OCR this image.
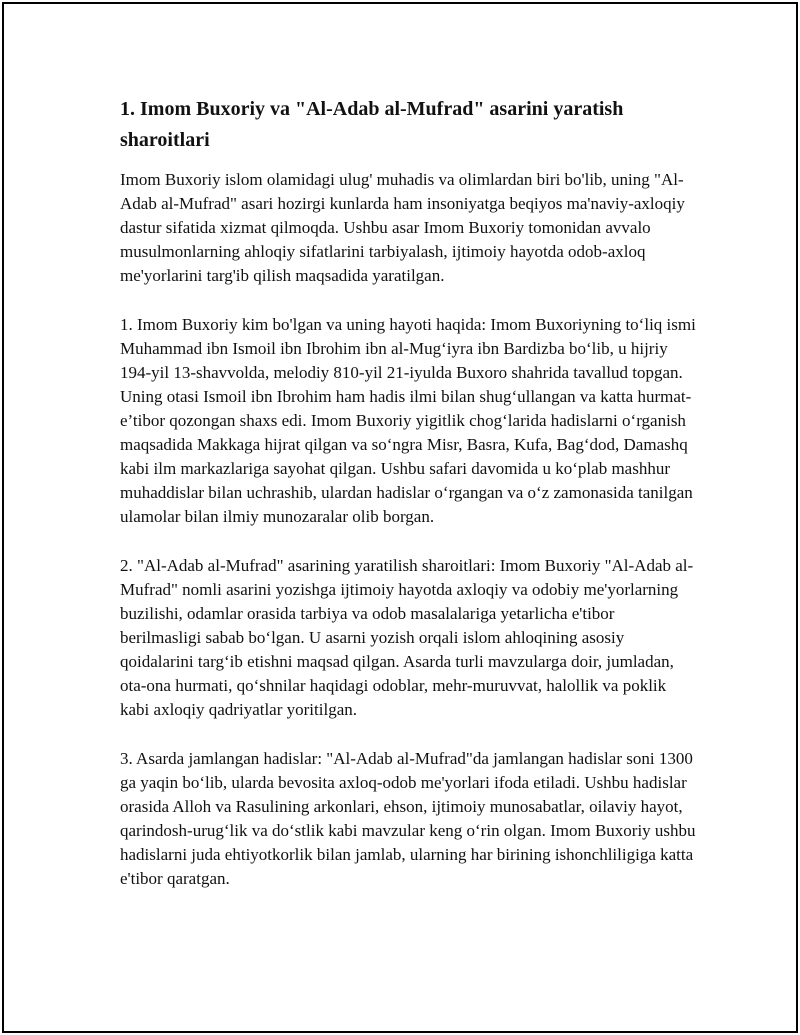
1. Imom Buxoriy va "Al-Adab al-Mufrad" asarini yaratish sharoitlari

Imom Buxoriy islom olamidagi ulug' muhadis va olimlardan biri bo'lib, uning "Al-Adab al-Mufrad" asari hozirgi kunlarda ham insoniyatga beqiyos ma'naviy-axloqiy dastur sifatida xizmat qilmoqda. Ushbu asar Imom Buxoriy tomonidan avvalo musulmonlarning ahloqiy sifatlarini tarbiyalash, ijtimoiy hayotda odob-axloq me'yorlarini targ'ib qilish maqsadida yaratilgan.

1. Imom Buxoriy kim bo'lgan va uning hayoti haqida: Imom Buxoriyning to‘liq ismi Muhammad ibn Ismoil ibn Ibrohim ibn al-Mug‘iyra ibn Bardizba bo‘lib, u hijriy 194-yil 13-shavvolda, melodiy 810-yil 21-iyulda Buxoro shahrida tavallud topgan. Uning otasi Ismoil ibn Ibrohim ham hadis ilmi bilan shug‘ullangan va katta hurmat-e’tibor qozongan shaxs edi. Imom Buxoriy yigitlik chog‘larida hadislarni o‘rganish maqsadida Makkaga hijrat qilgan va so‘ngra Misr, Basra, Kufa, Bag‘dod, Damashq kabi ilm markazlariga sayohat qilgan. Ushbu safari davomida u ko‘plab mashhur muhaddislar bilan uchrashib, ulardan hadislar o‘rgangan va o‘z zamonasida tanilgan ulamolar bilan ilmiy munozaralar olib borgan.

2. "Al-Adab al-Mufrad" asarining yaratilish sharoitlari: Imom Buxoriy "Al-Adab al-Mufrad" nomli asarini yozishga ijtimoiy hayotda axloqiy va odobiy me'yorlarning buzilishi, odamlar orasida tarbiya va odob masalalariga yetarlicha e'tibor berilmasligi sabab bo‘lgan. U asarni yozish orqali islom ahloqining asosiy qoidalarini targ‘ib etishni maqsad qilgan. Asarda turli mavzularga doir, jumladan, ota-ona hurmati, qo‘shnilar haqidagi odoblar, mehr-muruvvat, halollik va poklik kabi axloqiy qadriyatlar yoritilgan.

3. Asarda jamlangan hadislar: "Al-Adab al-Mufrad"da jamlangan hadislar soni 1300 ga yaqin bo‘lib, ularda bevosita axloq-odob me'yorlari ifoda etiladi. Ushbu hadislar orasida Alloh va Rasulining arkonlari, ehson, ijtimoiy munosabatlar, oilaviy hayot, qarindosh-urug‘lik va do‘stlik kabi mavzular keng o‘rin olgan. Imom Buxoriy ushbu hadislarni juda ehtiyotkorlik bilan jamlab, ularning har birining ishonchliligiga katta e'tibor qaratgan.
